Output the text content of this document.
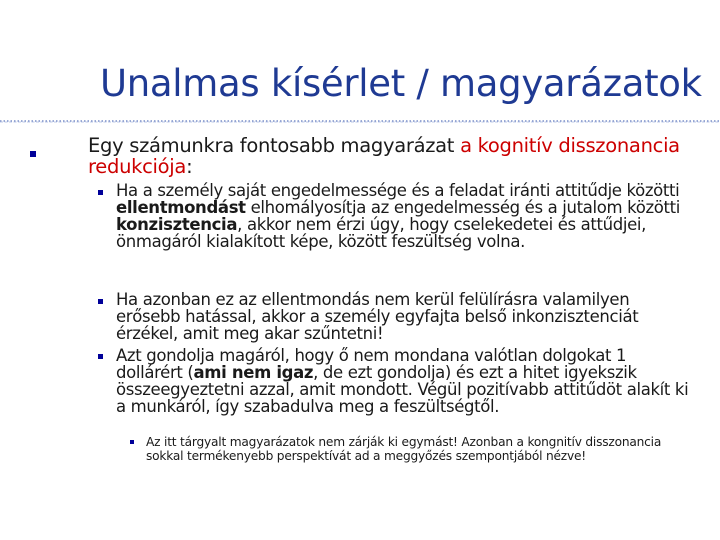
Unalmas kísérlet / magyarázatok
Egy számunkra fontosabb magyarázat a kognitív disszonancia redukciója:
Ha a személy saját engedelmessége és a feladat iránti attitűdje közötti ellentmondást elhomályosítja az engedelmesség és a jutalom közötti konzisztencia, akkor nem érzi úgy, hogy cselekedetei és attűdjei, önmagáról kialakított képe, között feszültség volna.
Ha azonban ez az ellentmondás nem kerül felülírásra valamilyen erősebb hatással, akkor a személy egyfajta belső inkonzisztenciát érzékel, amit meg akar szűntetni!
Azt gondolja magáról, hogy ő nem mondana valótlan dolgokat 1 dollárért (ami nem igaz, de ezt gondolja) és ezt a hitet igyekszik összeegyeztetni azzal, amit mondott. Végül pozitívabb attitűdöt alakít ki a munkáról, így szabadulva meg a feszültségtől.
Az itt tárgyalt magyarázatok nem zárják ki egymást! Azonban a kongnitív disszonancia sokkal termékenyebb perspektívát ad a meggyőzés szempontjából nézve!
